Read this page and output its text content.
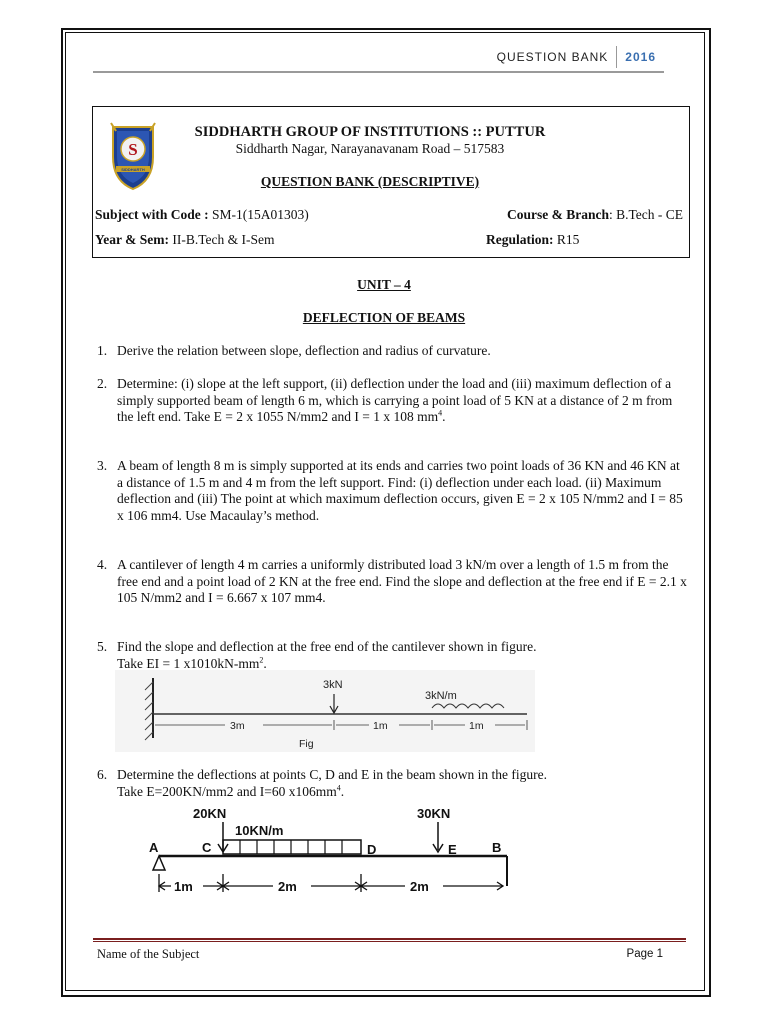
QUESTION BANK	2016
S
SIDDHARTH
SIDDHARTH GROUP OF INSTITUTIONS :: PUTTUR
Siddharth Nagar, Narayanavanam Road – 517583
QUESTION BANK (DESCRIPTIVE)
Subject with Code : SM-1(15A01303)	Course & Branch: B.Tech - CE
Year & Sem: II-B.Tech & I-Sem	Regulation: R15
UNIT – 4
DEFLECTION OF BEAMS
1. Derive the relation between slope, deflection and radius of curvature.
2. Determine: (i) slope at the left support, (ii) deflection under the load and (iii) maximum deflection of a simply supported beam of length 6 m, which is carrying a point load of 5 KN at a distance of 2 m from the left end. Take E = 2 x 1055 N/mm2 and I = 1 x 108 $mm^4$.
3. A beam of length 8 m is simply supported at its ends and carries two point loads of 36 KN and 46 KN at a distance of 1.5 m and 4 m from the left support. Find: (i) deflection under each load. (ii) Maximum deflection and (iii) The point at which maximum deflection occurs, given E = 2 x 105 N/mm2 and I = 85 x 106 mm4. Use Macaulay’s method.
4. A cantilever of length 4 m carries a uniformly distributed load 3 kN/m over a length of 1.5 m from the free end and a point load of 2 KN at the free end. Find the slope and deflection at the free end if E = 2.1 x 105 N/mm2 and I = 6.667 x 107 mm4.
5. Find the slope and deflection at the free end of the cantilever shown in figure.
Take EI = 1 $x1010kN-mm^2$.
3kN
3kN/m
3m	1m	1m
Fig
6. Determine the deflections at points C, D and E in the beam shown in the figure.
Take E=200KN/mm2 and I=60 $x106mm^4$.
20KN	30KN
10KN/m
A	C	D	E	B
1m	2m	2m
Name of the Subject	Page 1
